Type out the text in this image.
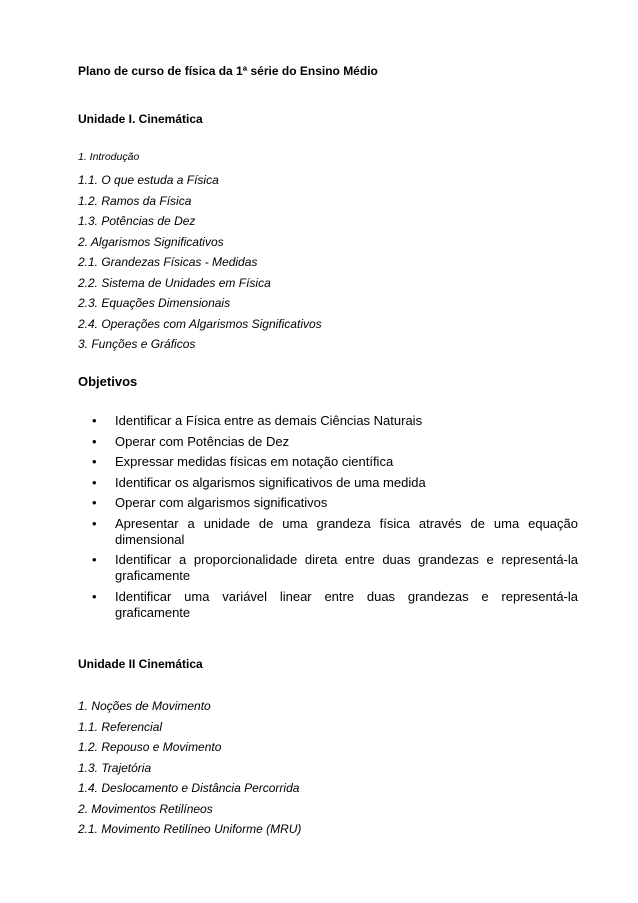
Plano de curso de física da 1ª série do Ensino Médio
Unidade I. Cinemática
1. Introdução
1.1. O que estuda a Física
1.2. Ramos da Física
1.3. Potências de Dez
2. Algarismos Significativos
2.1. Grandezas Físicas - Medidas
2.2. Sistema de Unidades em Física
2.3. Equações Dimensionais
2.4. Operações com Algarismos Significativos
3. Funções e Gráficos
Objetivos
•	Identificar a Física entre as demais Ciências Naturais
•	Operar com Potências de Dez
•	Expressar medidas físicas em notação científica
•	Identificar os algarismos significativos de uma medida
•	Operar com algarismos significativos
•	Apresentar a unidade de uma grandeza física através de uma equação
dimensional
•	Identificar a proporcionalidade direta entre duas grandezas e representá-la
graficamente
•	Identificar uma variável linear entre duas grandezas e representá-la
graficamente
Unidade II Cinemática
1. Noções de Movimento
1.1. Referencial
1.2. Repouso e Movimento
1.3. Trajetória
1.4. Deslocamento e Distância Percorrida
2. Movimentos Retilíneos
2.1. Movimento Retilíneo Uniforme (MRU)
